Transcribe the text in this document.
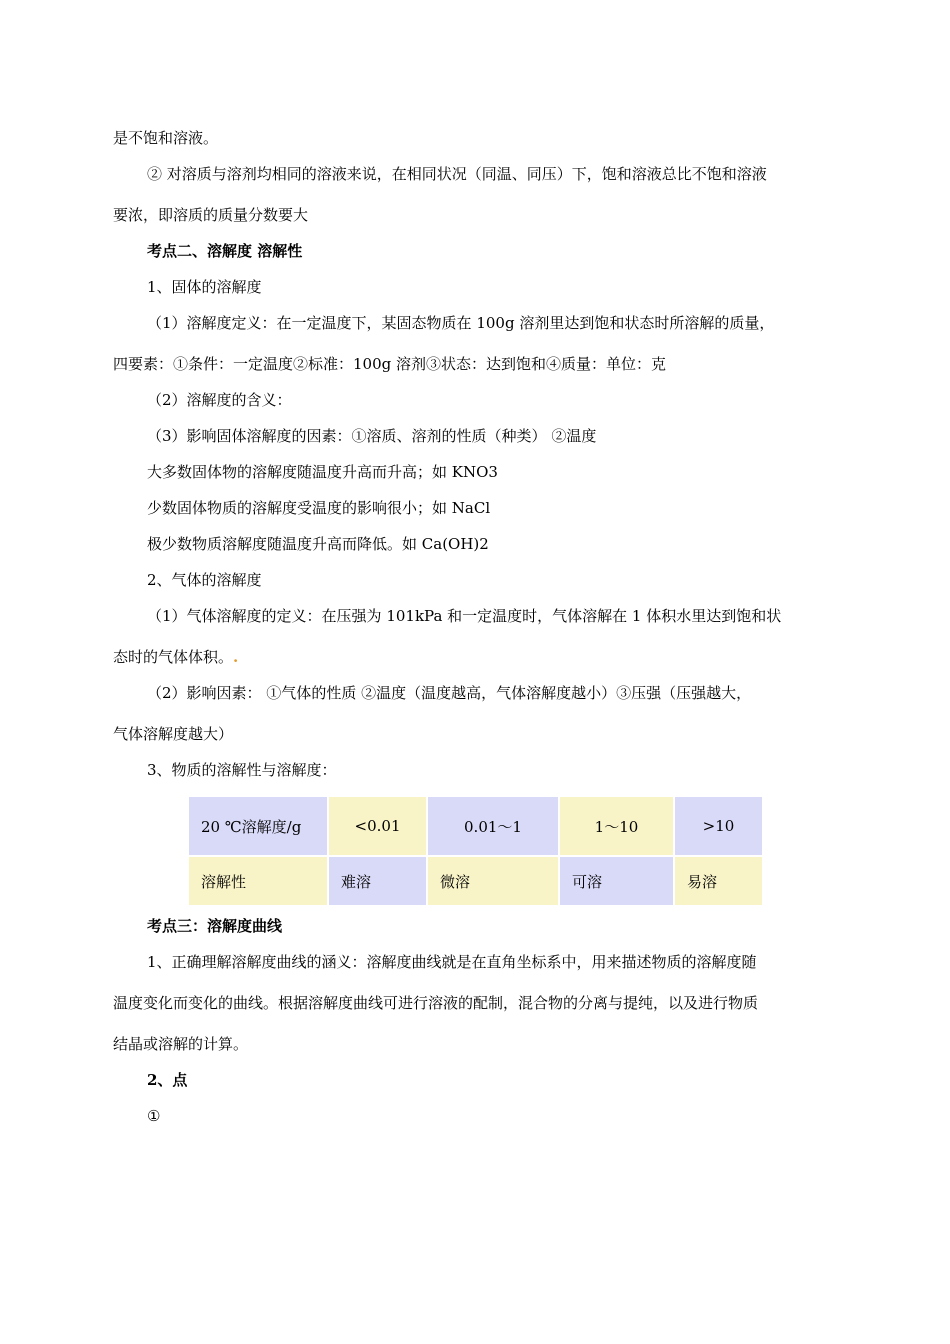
是不饱和溶液。
② 对溶质与溶剂均相同的溶液来说，在相同状况（同温、同压）下，饱和溶液总比不饱和溶液
要浓，即溶质的质量分数要大
考点二、溶解度 溶解性
1、固体的溶解度
（1）溶解度定义：在一定温度下，某固态物质在 100g 溶剂里达到饱和状态时所溶解的质量，
四要素：①条件：一定温度②标准：100g 溶剂③状态：达到饱和④质量：单位：克
（2）溶解度的含义：
（3）影响固体溶解度的因素：①溶质、溶剂的性质（种类） ②温度
大多数固体物的溶解度随温度升高而升高；如 KNO3
少数固体物质的溶解度受温度的影响很小；如 NaCl
极少数物质溶解度随温度升高而降低。如 Ca(OH)2
2、气体的溶解度
（1）气体溶解度的定义：在压强为 101kPa 和一定温度时，气体溶解在 1 体积水里达到饱和状
态时的气体体积。.
（2）影响因素： ①气体的性质 ②温度（温度越高，气体溶解度越小）③压强（压强越大，
气体溶解度越大）
3、物质的溶解性与溶解度：
20 ℃溶解度/g	<0.01	0.01～1	1～10	>10
溶解性	难溶	微溶	可溶	易溶
考点三：溶解度曲线
1、正确理解溶解度曲线的涵义：溶解度曲线就是在直角坐标系中，用来描述物质的溶解度随
温度变化而变化的曲线。根据溶解度曲线可进行溶液的配制，混合物的分离与提纯，以及进行物质
结晶或溶解的计算。
2、点
①
